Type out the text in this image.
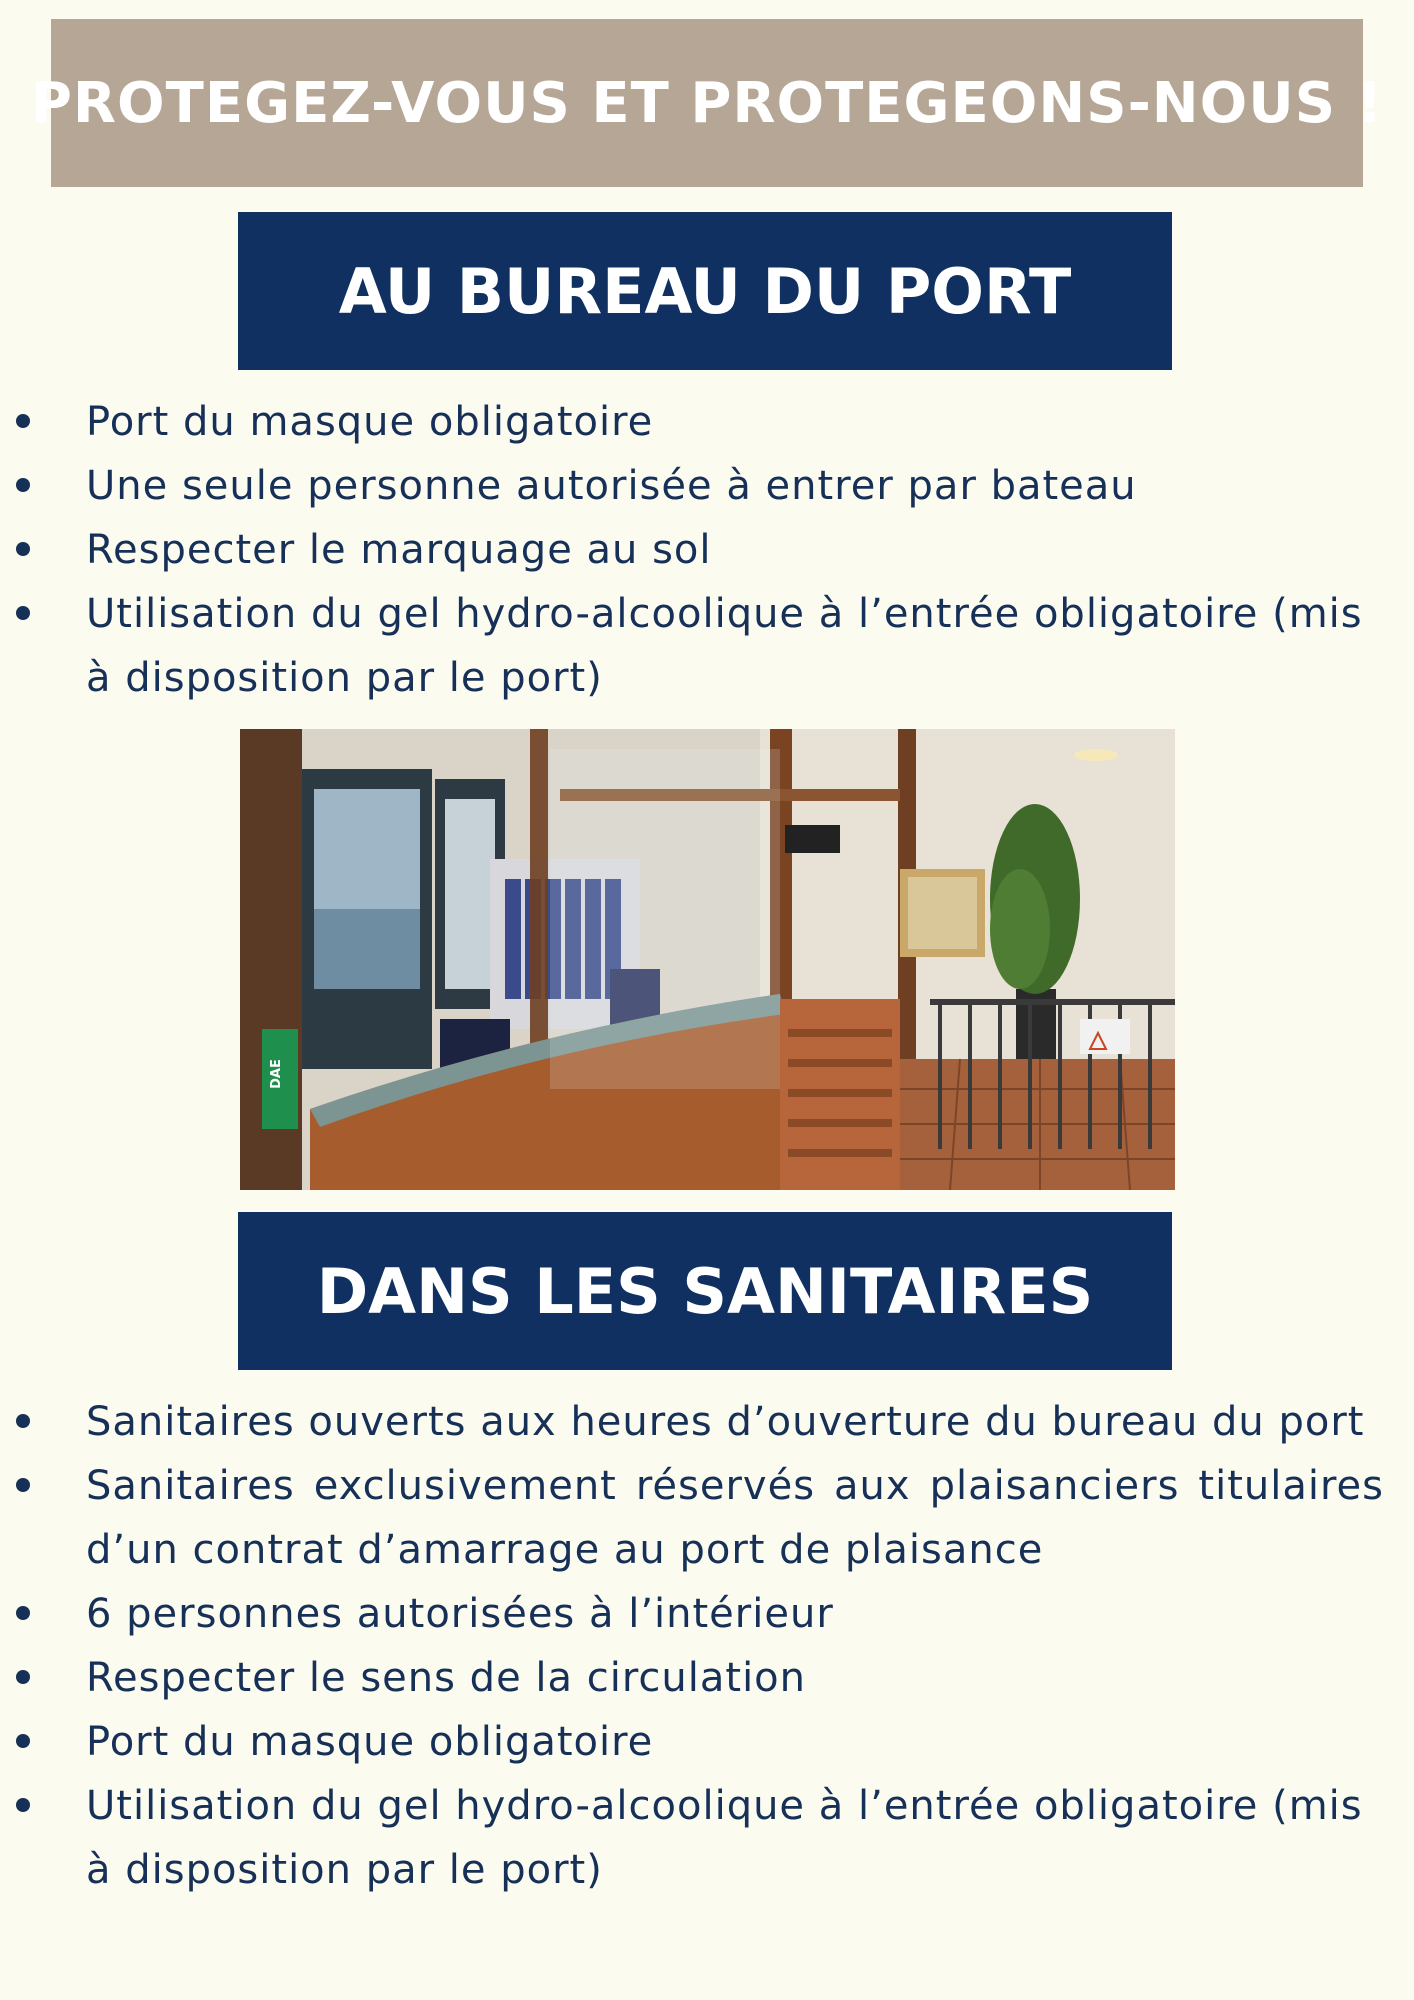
PROTEGEZ-VOUS ET PROTEGEONS-NOUS !
AU BUREAU DU PORT
Port du masque obligatoire
Une seule personne autorisée à entrer par bateau
Respecter le marquage au sol
Utilisation du gel hydro-alcoolique à l’entrée obligatoire (mis à disposition par le port)
DAE
DANS LES SANITAIRES
Sanitaires ouverts aux heures d’ouverture du bureau du port
Sanitaires exclusivement réservés aux plaisanciers titulaires d’un contrat d’amarrage au port de plaisance
6 personnes autorisées à l’intérieur
Respecter le sens de la circulation
Port du masque obligatoire
Utilisation du gel hydro-alcoolique à l’entrée obligatoire (mis à disposition par le port)
